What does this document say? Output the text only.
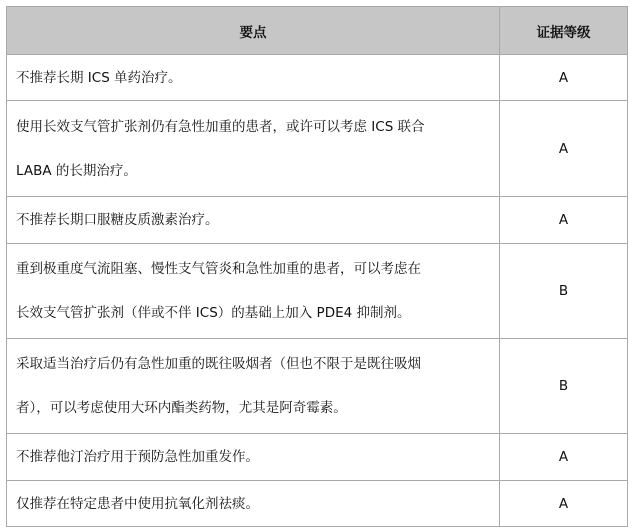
要点	证据等级

不推荐长期 ICS 单药治疗。	A

使用长效支气管扩张剂仍有急性加重的患者，或许可以考虑 ICS 联合
LABA 的长期治疗。	A

不推荐长期口服糖皮质激素治疗。	A

重到极重度气流阻塞、慢性支气管炎和急性加重的患者，可以考虑在
长效支气管扩张剂（伴或不伴 ICS）的基础上加入 PDE4 抑制剂。	B

采取适当治疗后仍有急性加重的既往吸烟者（但也不限于是既往吸烟
者），可以考虑使用大环内酯类药物，尤其是阿奇霉素。	B

不推荐他汀治疗用于预防急性加重发作。	A

仅推荐在特定患者中使用抗氧化剂祛痰。	A
